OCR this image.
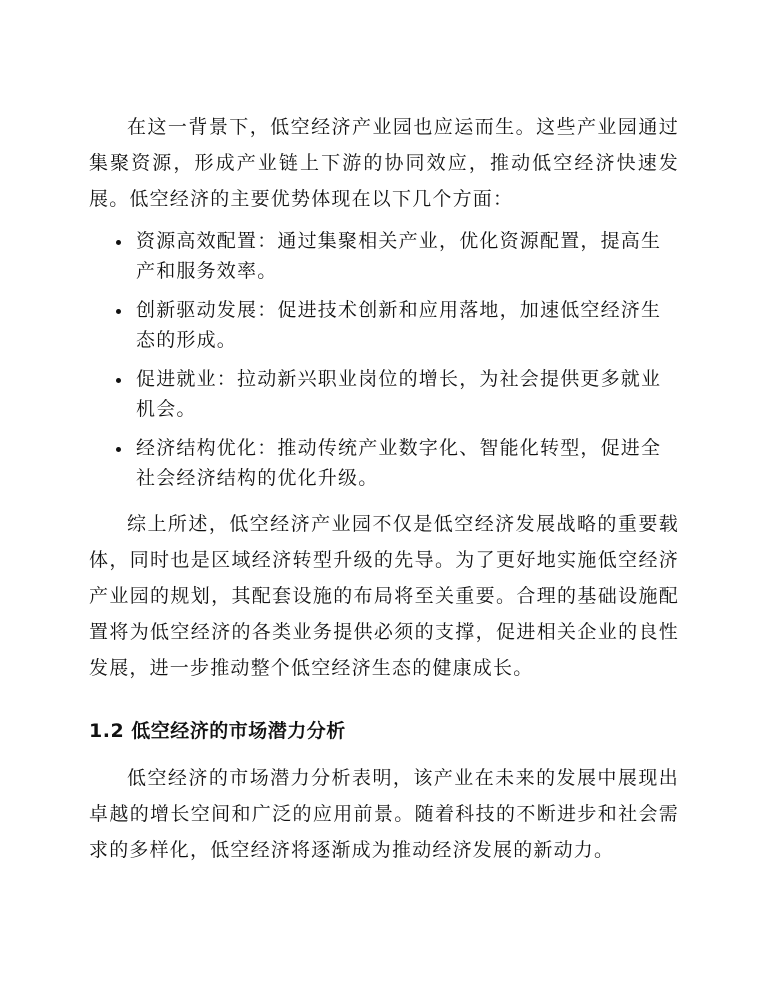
在这一背景下，低空经济产业园也应运而生。这些产业园通过集聚资源，形成产业链上下游的协同效应，推动低空经济快速发展。低空经济的主要优势体现在以下几个方面：

资源高效配置：通过集聚相关产业，优化资源配置，提高生产和服务效率。
创新驱动发展：促进技术创新和应用落地，加速低空经济生态的形成。
促进就业：拉动新兴职业岗位的增长，为社会提供更多就业机会。
经济结构优化：推动传统产业数字化、智能化转型，促进全社会经济结构的优化升级。

综上所述，低空经济产业园不仅是低空经济发展战略的重要载体，同时也是区域经济转型升级的先导。为了更好地实施低空经济产业园的规划，其配套设施的布局将至关重要。合理的基础设施配置将为低空经济的各类业务提供必须的支撑，促进相关企业的良性发展，进一步推动整个低空经济生态的健康成长。

1.2 低空经济的市场潜力分析

低空经济的市场潜力分析表明，该产业在未来的发展中展现出卓越的增长空间和广泛的应用前景。随着科技的不断进步和社会需求的多样化，低空经济将逐渐成为推动经济发展的新动力。
